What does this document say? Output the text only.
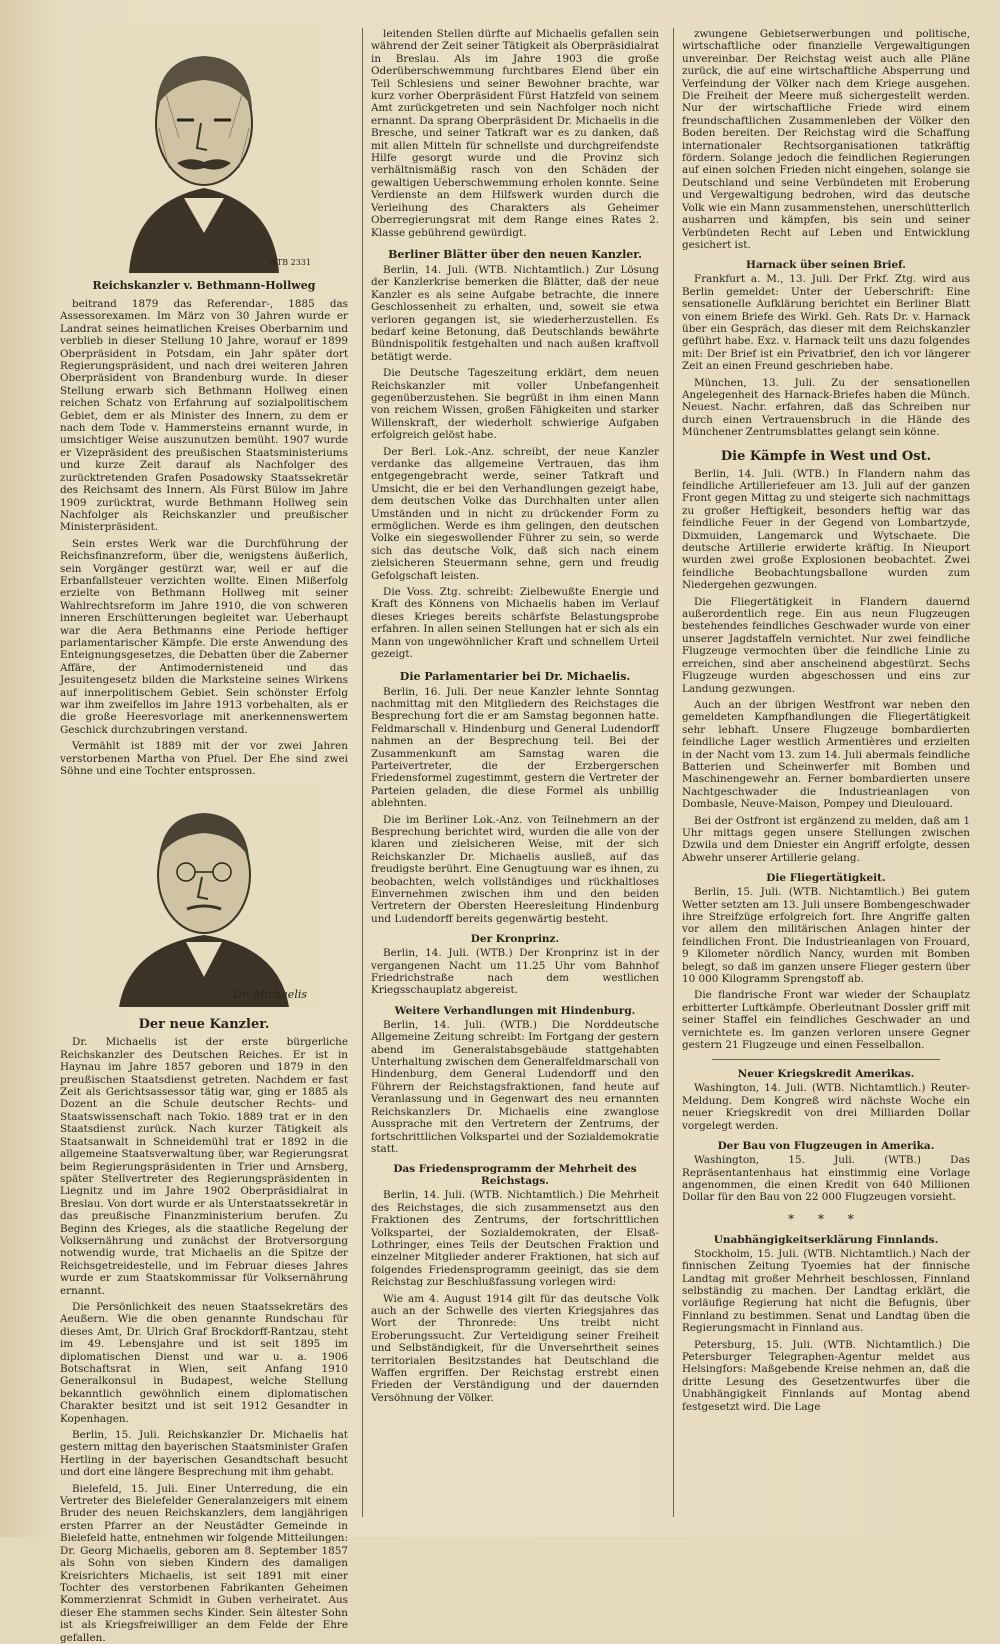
WTB 2331
Reichskanzler v. Bethmann-Hollweg

beitrand 1879 das Referendar-, 1885 das Assessorexamen. Im März von 30 Jahren wurde er Landrat seines heimatlichen Kreises Oberbarnim und verblieb in dieser Stellung 10 Jahre, worauf er 1899 Oberpräsident in Potsdam, ein Jahr später dort Regierungspräsident, und nach drei weiteren Jahren Oberpräsident von Brandenburg wurde. In dieser Stellung erwarb sich Bethmann Hollweg einen reichen Schatz von Erfahrung auf sozialpolitischem Gebiet, dem er als Minister des Innern, zu dem er nach dem Tode v. Hammersteins ernannt wurde, in umsichtiger Weise auszunutzen bemüht. 1907 wurde er Vizepräsident des preußischen Staatsministeriums und kurze Zeit darauf als Nachfolger des zurücktretenden Grafen Posadowsky Staatssekretär des Reichsamt des Innern. Als Fürst Bülow im Jahre 1909 zurücktrat, wurde Bethmann Hollweg sein Nachfolger als Reichskanzler und preußischer Ministerpräsident.

Sein erstes Werk war die Durchführung der Reichsfinanzreform, über die, wenigstens äußerlich, sein Vorgänger gestürzt war, weil er auf die Erbanfallsteuer verzichten wollte. Einen Mißerfolg erzielte von Bethmann Hollweg mit seiner Wahlrechtsreform im Jahre 1910, die von schweren inneren Erschütterungen begleitet war. Ueberhaupt war die Aera Bethmanns eine Periode heftiger parlamentarischer Kämpfe. Die erste Anwendung des Enteignungsgesetzes, die Debatten über die Zaberner Affäre, der Antimodernisteneid und das Jesuitengesetz bilden die Marksteine seines Wirkens auf innerpolitischem Gebiet. Sein schönster Erfolg war ihm zweifellos im Jahre 1913 vorbehalten, als er die große Heeresvorlage mit anerkennenswertem Geschick durchzubringen verstand.

Vermählt ist 1889 mit der vor zwei Jahren verstorbenen Martha von Pfuel. Der Ehe sind zwei Söhne und eine Tochter entsprossen.

Dr. Michaelis
Der neue Kanzler.

Dr. Michaelis ist der erste bürgerliche Reichskanzler des Deutschen Reiches. Er ist in Haynau im Jahre 1857 geboren und 1879 in den preußischen Staatsdienst getreten. Nachdem er fast Zeit als Gerichtsassessor tätig war, ging er 1885 als Dozent an die Schule deutscher Rechts- und Staatswissenschaft nach Tokio. 1889 trat er in den Staatsdienst zurück. Nach kurzer Tätigkeit als Staatsanwalt in Schneidemühl trat er 1892 in die allgemeine Staatsverwaltung über, war Regierungsrat beim Regierungspräsidenten in Trier und Arnsberg, später Stellvertreter des Regierungspräsidenten in Liegnitz und im Jahre 1902 Oberpräsidialrat in Breslau. Von dort wurde er als Unterstaatssekretär in das preußische Finanzministerium berufen. Zu Beginn des Krieges, als die staatliche Regelung der Volksernährung und zunächst der Brotversorgung notwendig wurde, trat Michaelis an die Spitze der Reichsgetreidestelle, und im Februar dieses Jahres wurde er zum Staatskommissar für Volksernährung ernannt.

Die Persönlichkeit des neuen Staatssekretärs des Aeußern. Wie die oben genannte Rundschau für dieses Amt, Dr. Ulrich Graf Brockdorff-Rantzau, steht im 49. Lebensjahre und ist seit 1895 im diplomatischen Dienst und war u. a. 1906 Botschaftsrat in Wien, seit Anfang 1910 Generalkonsul in Budapest, welche Stellung bekanntlich gewöhnlich einem diplomatischen Charakter besitzt und ist seit 1912 Gesandter in Kopenhagen.

Berlin, 15. Juli. Reichskanzler Dr. Michaelis hat gestern mittag den bayerischen Staatsminister Grafen Hertling in der bayerischen Gesandtschaft besucht und dort eine längere Besprechung mit ihm gehabt.

Bielefeld, 15. Juli. Einer Unterredung, die ein Vertreter des Bielefelder Generalanzeigers mit einem Bruder des neuen Reichskanzlers, dem langjährigen ersten Pfarrer an der Neustädter Gemeinde in Bielefeld hatte, entnehmen wir folgende Mitteilungen: Dr. Georg Michaelis, geboren am 8. September 1857 als Sohn von sieben Kindern des damaligen Kreisrichters Michaelis, ist seit 1891 mit einer Tochter des verstorbenen Fabrikanten Geheimen Kommerzienrat Schmidt in Guben verheiratet. Aus dieser Ehe stammen sechs Kinder. Sein ältester Sohn ist als Kriegsfreiwilliger an dem Felde der Ehre gefallen.

leitenden Stellen dürfte auf Michaelis gefallen sein während der Zeit seiner Tätigkeit als Oberpräsidialrat in Breslau. Als im Jahre 1903 die große Oderüberschwemmung furchtbares Elend über ein Teil Schlesiens und seiner Bewohner brachte, war kurz vorher Oberpräsident Fürst Hatzfeld von seinem Amt zurückgetreten und sein Nachfolger noch nicht ernannt. Da sprang Oberpräsident Dr. Michaelis in die Bresche, und seiner Tatkraft war es zu danken, daß mit allen Mitteln für schnellste und durchgreifendste Hilfe gesorgt wurde und die Provinz sich verhältnismäßig rasch von den Schäden der gewaltigen Ueberschwemmung erholen konnte. Seine Verdienste an dem Hilfswerk wurden durch die Verleihung des Charakters als Geheimer Oberregierungsrat mit dem Range eines Rates 2. Klasse gebührend gewürdigt.

Berliner Blätter über den neuen Kanzler.

Berlin, 14. Juli. (WTB. Nichtamtlich.) Zur Lösung der Kanzlerkrise bemerken die Blätter, daß der neue Kanzler es als seine Aufgabe betrachte, die innere Geschlossenheit zu erhalten, und, soweit sie etwa verloren gegangen ist, sie wiederherzustellen. Es bedarf keine Betonung, daß Deutschlands bewährte Bündnispolitik festgehalten und nach außen kraftvoll betätigt werde.

Die Deutsche Tageszeitung erklärt, dem neuen Reichskanzler mit voller Unbefangenheit gegenüberzustehen. Sie begrüßt in ihm einen Mann von reichem Wissen, großen Fähigkeiten und starker Willenskraft, der wiederholt schwierige Aufgaben erfolgreich gelöst habe.

Der Berl. Lok.-Anz. schreibt, der neue Kanzler verdanke das allgemeine Vertrauen, das ihm entgegengebracht werde, seiner Tatkraft und Umsicht, die er bei den Verhandlungen gezeigt habe, dem deutschen Volke das Durchhalten unter allen Umständen und in nicht zu drückender Form zu ermöglichen. Werde es ihm gelingen, den deutschen Volke ein siegeswollender Führer zu sein, so werde sich das deutsche Volk, daß sich nach einem zielsicheren Steuermann sehne, gern und freudig Gefolgschaft leisten.

Die Voss. Ztg. schreibt: Zielbewußte Energie und Kraft des Könnens von Michaelis haben im Verlauf dieses Krieges bereits schärfste Belastungsprobe erfahren. In allen seinen Stellungen hat er sich als ein Mann von ungewöhnlicher Kraft und schnellem Urteil gezeigt.

Die Parlamentarier bei Dr. Michaelis.

Berlin, 16. Juli. Der neue Kanzler lehnte Sonntag nachmittag mit den Mitgliedern des Reichstages die Besprechung fort die er am Samstag begonnen hatte. Feldmarschall v. Hindenburg und General Ludendorff nahmen an der Besprechung teil. Bei der Zusammenkunft am Samstag waren die Parteivertreter, die der Erzbergerschen Friedensformel zugestimmt, gestern die Vertreter der Parteien geladen, die diese Formel als unbillig ablehnten.

Die im Berliner Lok.-Anz. von Teilnehmern an der Besprechung berichtet wird, wurden die alle von der klaren und zielsicheren Weise, mit der sich Reichskanzler Dr. Michaelis ausließ, auf das freudigste berührt. Eine Genugtuung war es ihnen, zu beobachten, welch vollständiges und rückhaltloses Einvernehmen zwischen ihm und den beiden Vertretern der Obersten Heeresleitung Hindenburg und Ludendorff bereits gegenwärtig besteht.

Der Kronprinz.

Berlin, 14. Juli. (WTB.) Der Kronprinz ist in der vergangenen Nacht um 11.25 Uhr vom Bahnhof Friedrichstraße nach dem westlichen Kriegsschauplatz abgereist.

Weitere Verhandlungen mit Hindenburg.

Berlin, 14. Juli. (WTB.) Die Norddeutsche Allgemeine Zeitung schreibt: Im Fortgang der gestern abend im Generalstabsgebäude stattgehabten Unterhaltung zwischen dem Generalfeldmarschall von Hindenburg, dem General Ludendorff und den Führern der Reichstagsfraktionen, fand heute auf Veranlassung und in Gegenwart des neu ernannten Reichskanzlers Dr. Michaelis eine zwanglose Aussprache mit den Vertretern der Zentrums, der fortschrittlichen Volkspartei und der Sozialdemokratie statt.

Das Friedensprogramm der Mehrheit des Reichstags.

Berlin, 14. Juli. (WTB. Nichtamtlich.) Die Mehrheit des Reichstages, die sich zusammensetzt aus den Fraktionen des Zentrums, der fortschrittlichen Volkspartei, der Sozialdemokraten, der Elsaß-Lothringer, eines Teils der Deutschen Fraktion und einzelner Mitglieder anderer Fraktionen, hat sich auf folgendes Friedensprogramm geeinigt, das sie dem Reichstag zur Beschlußfassung vorlegen wird:

Wie am 4. August 1914 gilt für das deutsche Volk auch an der Schwelle des vierten Kriegsjahres das Wort der Thronrede: Uns treibt nicht Eroberungssucht. Zur Verteidigung seiner Freiheit und Selbständigkeit, für die Unversehrtheit seines territorialen Besitzstandes hat Deutschland die Waffen ergriffen. Der Reichstag erstrebt einen Frieden der Verständigung und der dauernden Versöhnung der Völker.

zwungene Gebietserwerbungen und politische, wirtschaftliche oder finanzielle Vergewaltigungen unvereinbar. Der Reichstag weist auch alle Pläne zurück, die auf eine wirtschaftliche Absperrung und Verfeindung der Völker nach dem Kriege ausgehen. Die Freiheit der Meere muß sichergestellt werden. Nur der wirtschaftliche Friede wird einem freundschaftlichen Zusammenleben der Völker den Boden bereiten. Der Reichstag wird die Schaffung internationaler Rechtsorganisationen tatkräftig fördern. Solange jedoch die feindlichen Regierungen auf einen solchen Frieden nicht eingehen, solange sie Deutschland und seine Verbündeten mit Eroberung und Vergewaltigung bedrohen, wird das deutsche Volk wie ein Mann zusammenstehen, unerschütterlich ausharren und kämpfen, bis sein und seiner Verbündeten Recht auf Leben und Entwicklung gesichert ist.

Harnack über seinen Brief.

Frankfurt a. M., 13. Juli. Der Frkf. Ztg. wird aus Berlin gemeldet: Unter der Ueberschrift: Eine sensationelle Aufklärung berichtet ein Berliner Blatt von einem Briefe des Wirkl. Geh. Rats Dr. v. Harnack über ein Gespräch, das dieser mit dem Reichskanzler geführt habe. Exz. v. Harnack teilt uns dazu folgendes mit: Der Brief ist ein Privatbrief, den ich vor längerer Zeit an einen Freund geschrieben habe.

München, 13. Juli. Zu der sensationellen Angelegenheit des Harnack-Briefes haben die Münch. Neuest. Nachr. erfahren, daß das Schreiben nur durch einen Vertrauensbruch in die Hände des Münchener Zentrumsblattes gelangt sein könne.

Die Kämpfe in West und Ost.

Berlin, 14. Juli. (WTB.) In Flandern nahm das feindliche Artilleriefeuer am 13. Juli auf der ganzen Front gegen Mittag zu und steigerte sich nachmittags zu großer Heftigkeit, besonders heftig war das feindliche Feuer in der Gegend von Lombartzyde, Dixmuiden, Langemarck und Wytschaete. Die deutsche Artillerie erwiderte kräftig. In Nieuport wurden zwei große Explosionen beobachtet. Zwei feindliche Beobachtungsballone wurden zum Niedergehen gezwungen.

Die Fliegertätigkeit in Flandern dauernd außerordentlich rege. Ein aus neun Flugzeugen bestehendes feindliches Geschwader wurde von einer unserer Jagdstaffeln vernichtet. Nur zwei feindliche Flugzeuge vermochten über die feindliche Linie zu erreichen, sind aber anscheinend abgestürzt. Sechs Flugzeuge wurden abgeschossen und eins zur Landung gezwungen.

Auch an der übrigen Westfront war neben den gemeldeten Kampfhandlungen die Fliegertätigkeit sehr lebhaft. Unsere Flugzeuge bombardierten feindliche Lager westlich Armentières und erzielten in der Nacht vom 13. zum 14. Juli abermals feindliche Batterien und Scheinwerfer mit Bomben und Maschinengewehr an. Ferner bombardierten unsere Nachtgeschwader die Industrieanlagen von Dombasle, Neuve-Maison, Pompey und Dieulouard.

Bei der Ostfront ist ergänzend zu melden, daß am 1 Uhr mittags gegen unsere Stellungen zwischen Dzwila und dem Dniester ein Angriff erfolgte, dessen Abwehr unserer Artillerie gelang.

Die Fliegertätigkeit.

Berlin, 15. Juli. (WTB. Nichtamtlich.) Bei gutem Wetter setzten am 13. Juli unsere Bombengeschwader ihre Streifzüge erfolgreich fort. Ihre Angriffe galten vor allem den militärischen Anlagen hinter der feindlichen Front. Die Industrieanlagen von Frouard, 9 Kilometer nördlich Nancy, wurden mit Bomben belegt, so daß im ganzen unsere Flieger gestern über 10 000 Kilogramm Sprengstoff ab.

Die flandrische Front war wieder der Schauplatz erbitterter Luftkämpfe. Oberleutnant Dossler griff mit seiner Staffel ein feindliches Geschwader an und vernichtete es. Im ganzen verloren unsere Gegner gestern 21 Flugzeuge und einen Fesselballon.

Neuer Kriegskredit Amerikas.

Washington, 14. Juli. (WTB. Nichtamtlich.) Reuter-Meldung. Dem Kongreß wird nächste Woche ein neuer Kriegskredit von drei Milliarden Dollar vorgelegt werden.

Der Bau von Flugzeugen in Amerika.

Washington, 15. Juli. (WTB.) Das Repräsentantenhaus hat einstimmig eine Vorlage angenommen, die einen Kredit von 640 Millionen Dollar für den Bau von 22 000 Flugzeugen vorsieht.

* * *
Unabhängigkeitserklärung Finnlands.

Stockholm, 15. Juli. (WTB. Nichtamtlich.) Nach der finnischen Zeitung Tyoemies hat der finnische Landtag mit großer Mehrheit beschlossen, Finnland selbständig zu machen. Der Landtag erklärt, die vorläufige Regierung hat nicht die Befugnis, über Finnland zu bestimmen. Senat und Landtag üben die Regierungsmacht in Finnland aus.

Petersburg, 15. Juli. (WTB. Nichtamtlich.) Die Petersburger Telegraphen-Agentur meldet aus Helsingfors: Maßgebende Kreise nehmen an, daß die dritte Lesung des Gesetzentwurfes über die Unabhängigkeit Finnlands auf Montag abend festgesetzt wird. Die Lage
